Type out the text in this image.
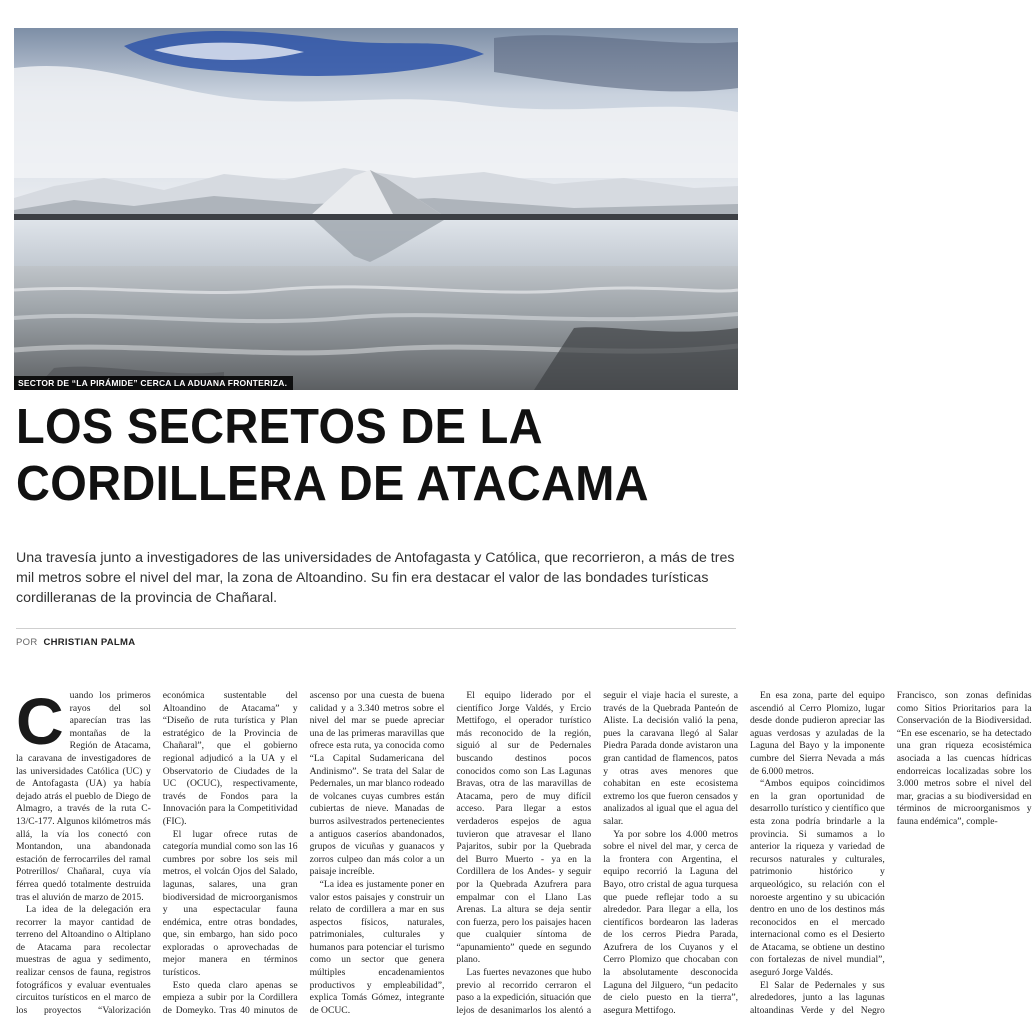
SECTOR DE “LA PIRÁMIDE” CERCA LA ADUANA FRONTERIZA.
LOS SECRETOS DE LA
CORDILLERA DE ATACAMA

Una travesía junto a investigadores de las universidades de Antofagasta y Católica, que recorrieron, a más de tres mil metros sobre el nivel del mar, la zona de Altoandino. Su fin era destacar el valor de las bondades turísticas cordilleranas de la provincia de Chañaral.

POR CHRISTIAN PALMA
C uando los primeros rayos del sol aparecían tras las montañas de la Región de Atacama, la caravana de investigadores de las universidades Católica (UC) y de Antofagasta (UA) ya había dejado atrás el pueblo de Diego de Almagro, a través de la ruta C-13/C-177. Algunos kilómetros más allá, la vía los conectó con Montandon, una abandonada estación de ferrocarriles del ramal Potrerillos/ Chañaral, cuya vía férrea quedó totalmente destruida tras el aluvión de marzo de 2015.

La idea de la delegación era recorrer la mayor cantidad de terreno del Altoandino o Altiplano de Atacama para recolectar muestras de agua y sedimento, realizar censos de fauna, registros fotográficos y evaluar eventuales circuitos turísticos en el marco de los proyectos “Valorización económica sustentable del Altoandino de Atacama” y “Diseño de ruta turística y Plan estratégico de la Provincia de Chañaral”, que el gobierno regional adjudicó a la UA y el Observatorio de Ciudades de la UC (OCUC), respectivamente, través de Fondos para la Innovación para la Competitividad (FIC).

El lugar ofrece rutas de categoría mundial como son las 16 cumbres por sobre los seis mil metros, el volcán Ojos del Salado, lagunas, salares, una gran biodiversidad de microorganismos y una espectacular fauna endémica, entre otras bondades, que, sin embargo, han sido poco exploradas o aprovechadas de mejor manera en términos turísticos.

Esto queda claro apenas se empieza a subir por la Cordillera de Domeyko. Tras 40 minutos de ascenso por una cuesta de buena calidad y a 3.340 metros sobre el nivel del mar se puede apreciar una de las primeras maravillas que ofrece esta ruta, ya conocida como “La Capital Sudamericana del Andinismo”. Se trata del Salar de Pedernales, un mar blanco rodeado de volcanes cuyas cumbres están cubiertas de nieve. Manadas de burros asilvestrados pertenecientes a antiguos caseríos abandonados, grupos de vicuñas y guanacos y zorros culpeo dan más color a un paisaje increíble.

“La idea es justamente poner en valor estos paisajes y construir un relato de cordillera a mar en sus aspectos físicos, naturales, patrimoniales, culturales y humanos para potenciar el turismo como un sector que genera múltiples encadenamientos productivos y empleabilidad”, explica Tomás Gómez, integrante de OCUC.

El equipo liderado por el científico Jorge Valdés, y Ercio Mettifogo, el operador turístico más reconocido de la región, siguió al sur de Pedernales buscando destinos pocos conocidos como son Las Lagunas Bravas, otra de las maravillas de Atacama, pero de muy difícil acceso. Para llegar a estos verdaderos espejos de agua tuvieron que atravesar el llano Pajaritos, subir por la Quebrada del Burro Muerto - ya en la Cordillera de los Andes- y seguir por la Quebrada Azufrera para empalmar con el Llano Las Arenas. La altura se deja sentir con fuerza, pero los paisajes hacen que cualquier síntoma de “apunamiento” quede en segundo plano.

Las fuertes nevazones que hubo previo al recorrido cerraron el paso a la expedición, situación que lejos de desanimarlos los alentó a seguir el viaje hacia el sureste, a través de la Quebrada Panteón de Aliste. La decisión valió la pena, pues la caravana llegó al Salar Piedra Parada donde avistaron una gran cantidad de flamencos, patos y otras aves menores que cohabitan en este ecosistema extremo los que fueron censados y analizados al igual que el agua del salar.

Ya por sobre los 4.000 metros sobre el nivel del mar, y cerca de la frontera con Argentina, el equipo recorrió la Laguna del Bayo, otro cristal de agua turquesa que puede reflejar todo a su alrededor. Para llegar a ella, los científicos bordearon las laderas de los cerros Piedra Parada, Azufrera de los Cuyanos y el Cerro Plomizo que chocaban con la absolutamente desconocida Laguna del Jilguero, “un pedacito de cielo puesto en la tierra”, asegura Mettifogo.

En esa zona, parte del equipo ascendió al Cerro Plomizo, lugar desde donde pudieron apreciar las aguas verdosas y azuladas de la Laguna del Bayo y la imponente cumbre del Sierra Nevada a más de 6.000 metros.

“Ambos equipos coincidimos en la gran oportunidad de desarrollo turístico y científico que esta zona podría brindarle a la provincia. Si sumamos a lo anterior la riqueza y variedad de recursos naturales y culturales, patrimonio histórico y arqueológico, su relación con el noroeste argentino y su ubicación dentro en uno de los destinos más reconocidos en el mercado internacional como es el Desierto de Atacama, se obtiene un destino con fortalezas de nivel mundial”, aseguró Jorge Valdés.

El Salar de Pedernales y sus alrededores, junto a las lagunas altoandinas Verde y del Negro Francisco, son zonas definidas como Sitios Prioritarios para la Conservación de la Biodiversidad. “En ese escenario, se ha detectado una gran riqueza ecosistémica asociada a las cuencas hídricas endorreicas localizadas sobre los 3.000 metros sobre el nivel del mar, gracias a su biodiversidad en términos de microorganismos y fauna endémica”, comple-
